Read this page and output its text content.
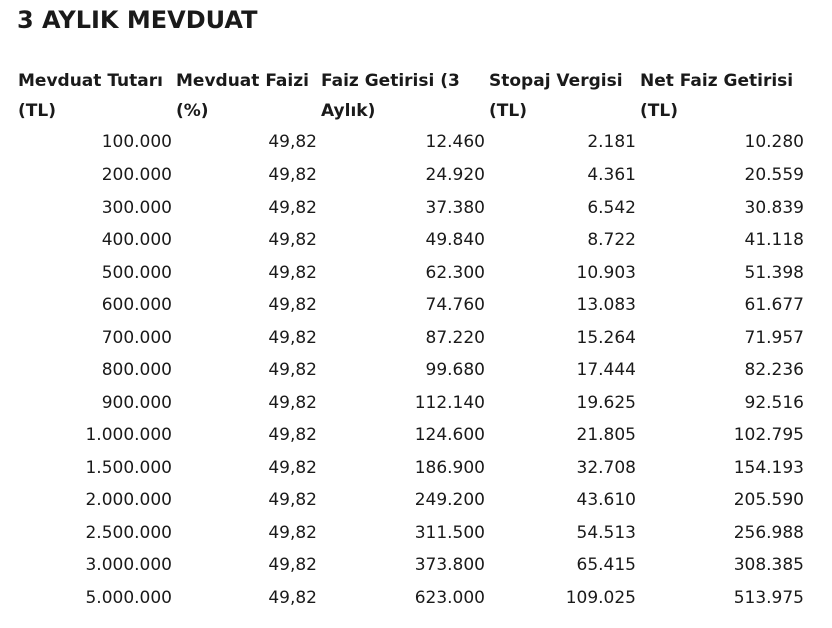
3 AYLIK MEVDUAT
Mevduat Tutarı (TL)	Mevduat Faizi (%)	Faiz Getirisi (3 Aylık)	Stopaj Vergisi (TL)	Net Faiz Getirisi (TL)
100.000	49,82	12.460	2.181	10.280
200.000	49,82	24.920	4.361	20.559
300.000	49,82	37.380	6.542	30.839
400.000	49,82	49.840	8.722	41.118
500.000	49,82	62.300	10.903	51.398
600.000	49,82	74.760	13.083	61.677
700.000	49,82	87.220	15.264	71.957
800.000	49,82	99.680	17.444	82.236
900.000	49,82	112.140	19.625	92.516
1.000.000	49,82	124.600	21.805	102.795
1.500.000	49,82	186.900	32.708	154.193
2.000.000	49,82	249.200	43.610	205.590
2.500.000	49,82	311.500	54.513	256.988
3.000.000	49,82	373.800	65.415	308.385
5.000.000	49,82	623.000	109.025	513.975
